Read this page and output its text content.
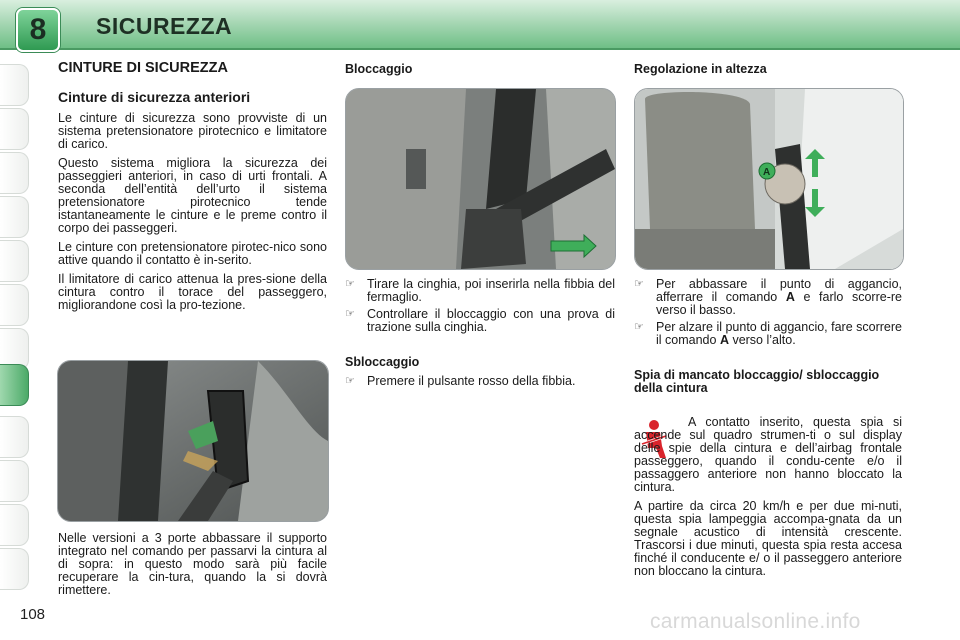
8	SICUREZZA

CINTURE DI SICUREZZA

Cinture di sicurezza anteriori

Le cinture di sicurezza sono provviste di un sistema pretensionatore pirotecnico e limitatore di carico.

Questo sistema migliora la sicurezza dei passeggieri anteriori, in caso di urti frontali. A seconda dell’entità dell’urto il sistema pretensionatore pirotecnico tende istantaneamente le cinture e le preme contro il corpo dei passeggeri.

Le cinture con pretensionatore pirotec-nico sono attive quando il contatto è in-serito.

Il limitatore di carico attenua la pres-sione della cintura contro il torace del passeggero, migliorandone così la pro-tezione.

Nelle versioni a 3 porte abbassare il supporto integrato nel comando per passarvi la cintura al di sopra: in questo modo sarà più facile recuperare la cin-tura, quando la si dovrà rimettere.

Bloccaggio

☞ Tirare la cinghia, poi inserirla nella fibbia del fermaglio.
☞ Controllare il bloccaggio con una prova di trazione sulla cinghia.

Sbloccaggio

☞ Premere il pulsante rosso della fibbia.

Regolazione in altezza

A
☞ Per abbassare il punto di aggancio, afferrare il comando A e farlo scorre-re verso il basso.
☞ Per alzare il punto di aggancio, fare scorrere il comando A verso l’alto.

Spia di mancato bloccaggio/ sbloccaggio della cintura

A contatto inserito, questa spia si accende sul quadro strumen-ti o sul display delle spie della cintura e dell’airbag frontale passeggero, quando il condu-cente e/o il passaggero anteriore non hanno bloccato la cintura.

A partire da circa 20 km/h e per due mi-nuti, questa spia lampeggia accompa-gnata da un segnale acustico di intensità crescente. Trascorsi i due minuti, questa spia resta accesa finché il conducente e/ o il passeggero anteriore non bloccano la cintura.

108	carmanualsonline.info
